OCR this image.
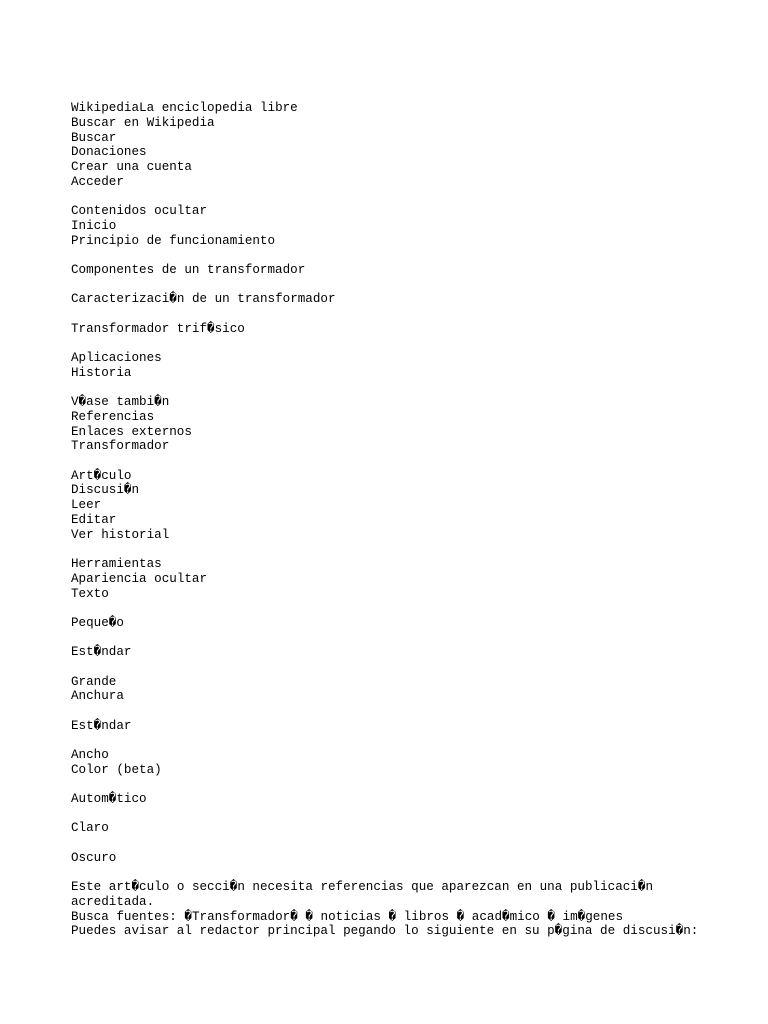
WikipediaLa enciclopedia libre
Buscar en Wikipedia
Buscar
Donaciones
Crear una cuenta
Acceder
Contenidos ocultar
Inicio
Principio de funcionamiento
Componentes de un transformador
Caracterizaci�n de un transformador
Transformador trif�sico
Aplicaciones
Historia
V�ase tambi�n
Referencias
Enlaces externos
Transformador
Art�culo
Discusi�n
Leer
Editar
Ver historial
Herramientas
Apariencia ocultar
Texto
Peque�o
Est�ndar
Grande
Anchura
Est�ndar
Ancho
Color (beta)
Autom�tico
Claro
Oscuro
Este art�culo o secci�n necesita referencias que aparezcan en una publicaci�n acreditada.
Busca fuentes: �Transformador� � noticias � libros � acad�mico � im�genes
Puedes avisar al redactor principal pegando lo siguiente en su p�gina de discusi�n:
